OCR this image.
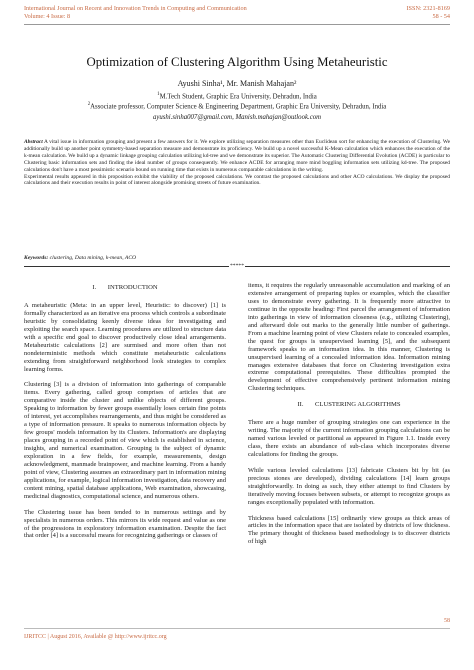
International Journal on Recent and Innovation Trends in Computing and Communication
Volume: 4 Issue: 8
ISSN: 2321-8169
58 - 54
Optimization of Clustering Algorithm Using Metaheuristic
Ayushi Sinha¹, Mr. Manish Mahajan²
$^1$M.Tech Student, Graphic Era University, Dehradun, India
$^2$Associate professor, Computer Science & Engineering Department, Graphic Era University, Dehradun, India
ayushi.sinha007@gmail.com, Manish.mahajan@outlook.com

Abstract A vital issue in information grouping and present a few answers for it. We explore utilizing separation measures other than Euclidean sort for enhancing the execution of Clustering. We additionally build up another point symmetry-based separation measure and demonstrate its proficiency. We build up a novel successful K-Mean calculation which enhances the execution of the k-mean calculation. We build up a dynamic linkage grouping calculation utilizing kd-tree and we demonstrate its superior. The Automatic Clustering Differential Evolution (ACDE) is particular to Clustering basic information sets and finding the ideal number of groups consequently. We enhance ACDE for arranging more mind boggling information sets utilizing kd-tree. The proposed calculations don't have a most pessimistic scenario bound on running time that exists in numerous comparable calculations in the writing.

Experimental results appeared in this proposition exhibit the viability of the proposed calculations. We contrast the proposed calculations and other ACO calculations. We display the proposed calculations and their execution results in point of interest alongside promising streets of future examination.

Keywords: clustering, Data mining, k-mean, ACO
*****
I.       INTRODUCTION

A metaheuristic (Meta: in an upper level, Heuristic: to discover) [1] is formally characterized as an iterative era process which controls a subordinate heuristic by consolidating keenly diverse ideas for investigating and exploiting the search space. Learning procedures are utilized to structure data with a specific end goal to discover productively close ideal arrangements. Metaheuristic calculations [2] are surmised and more often than not nondeterministic methods which constitute metaheuristic calculations extending from straightforward neighborhood look strategies to complex learning forms.

Clustering [3] is a division of information into gatherings of comparable items. Every gathering, called group comprises of articles that are comparative inside the cluster and unlike objects of different groups. Speaking to information by fewer groups essentially loses certain fine points of interest, yet accomplishes rearrangements, and thus might be considered as a type of information pressure. It speaks to numerous information objects by few groups' models information by its Clusters. Information's are displaying places grouping in a recorded point of view which is established in science, insights, and numerical examination. Grouping is the subject of dynamic exploration in a few fields, for example, measurements, design acknowledgment, manmade brainpower, and machine learning. From a handy point of view, Clustering assumes an extraordinary part in information mining applications, for example, logical information investigation, data recovery and content mining, spatial database applications, Web examination, showcasing, medicinal diagnostics, computational science, and numerous others.

The Clustering issue has been tended to in numerous settings and by specialists in numerous orders. This mirrors its wide request and value as one of the progressions in exploratory information examination. Despite the fact that order [4] is a successful means for recognizing gatherings or classes of

items, it requires the regularly unreasonable accumulation and marking of an extensive arrangement of preparing tuples or examples, which the classifier uses to demonstrate every gathering. It is frequently more attractive to continue in the opposite heading: First parcel the arrangement of information into gatherings in view of information closeness (e.g., utilizing Clustering), and afterward dole out marks to the generally little number of gatherings. From a machine learning point of view Clusters relate to concealed examples, the quest for groups is unsupervised learning [5], and the subsequent framework speaks to an information idea. In this manner, Clustering is unsupervised learning of a concealed information idea. Information mining manages extensive databases that force on Clustering investigation extra extreme computational prerequisites. These difficulties prompted the development of effective comprehensively pertinent information mining Clustering techniques.

II.       CLUSTERING ALGORITHMS

There are a huge number of grouping strategies one can experience in the writing. The majority of the current information grouping calculations can be named various leveled or partitional as appeared in Figure 1.1. Inside every class, there exists an abundance of sub-class which incorporates diverse calculations for finding the groups.

While various leveled calculations [13] fabricate Clusters bit by bit (as precious stones are developed), dividing calculations [14] learn groups straightforwardly. In doing as such, they either attempt to find Clusters by iteratively moving focuses between subsets, or attempt to recognize groups as ranges exceptionally populated with information.

Thickness based calculations [15] ordinarily view groups as thick areas of articles in the information space that are isolated by districts of low thickness. The primary thought of thickness based methodology is to discover districts of high

58
IJRITCC | August 2016, Available @ http://www.ijritcc.org
